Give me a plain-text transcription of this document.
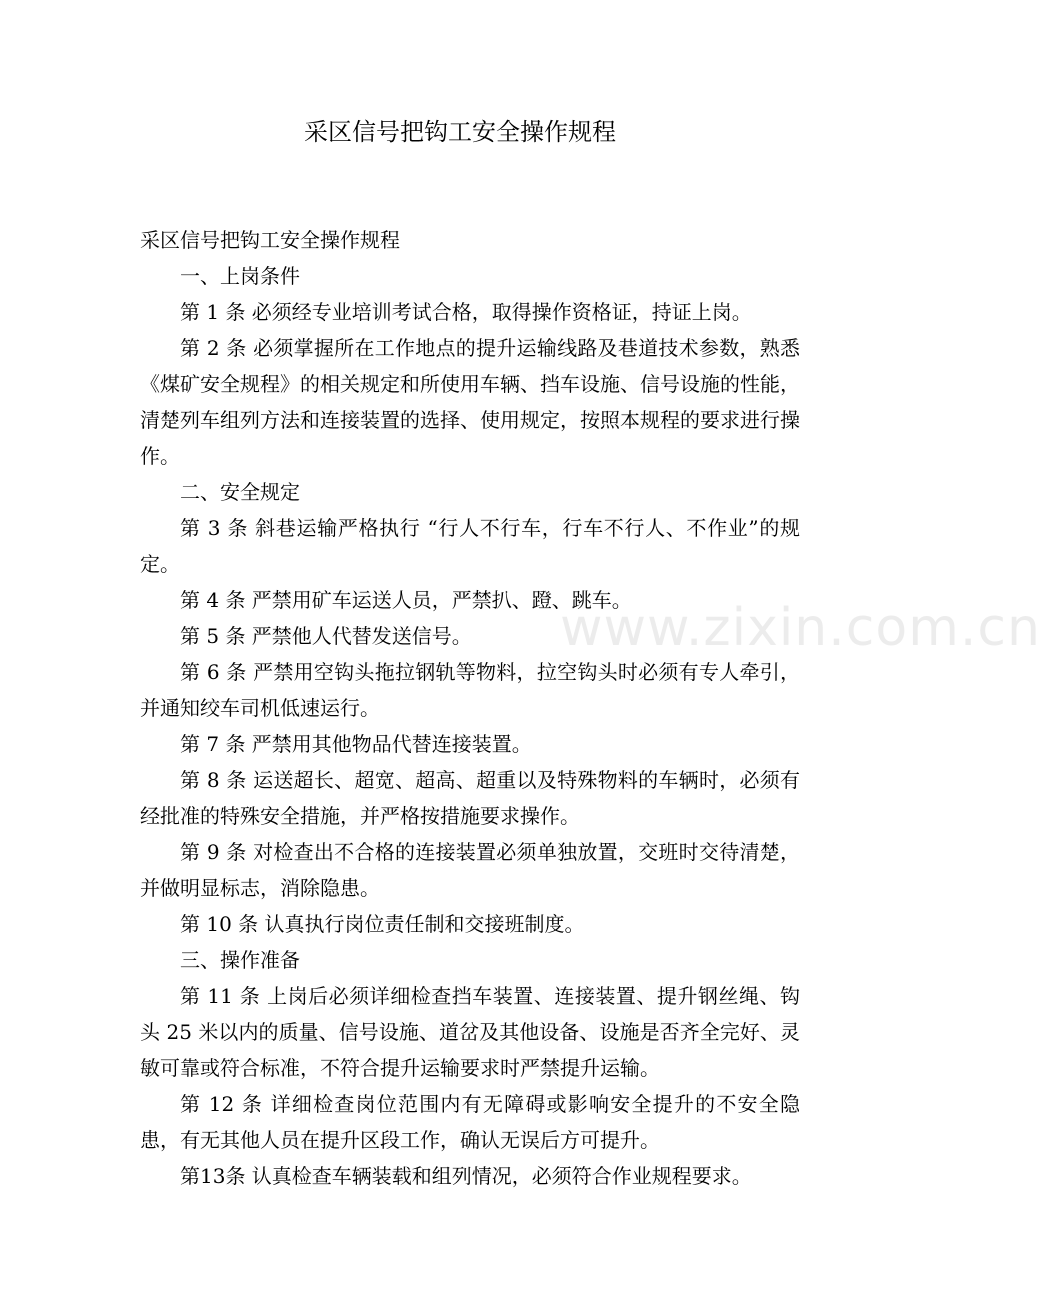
采区信号把钩工安全操作规程

采区信号把钩工安全操作规程

一、上岗条件

第 1 条 必须经专业培训考试合格，取得操作资格证，持证上岗。

第 2 条 必须掌握所在工作地点的提升运输线路及巷道技术参数，熟悉《煤矿安全规程》的相关规定和所使用车辆、挡车设施、信号设施的性能，清楚列车组列方法和连接装置的选择、使用规定，按照本规程的要求进行操作。

二、安全规定

第 3 条 斜巷运输严格执行 “行人不行车，行车不行人、不作业”的规定。

第 4 条 严禁用矿车运送人员，严禁扒、蹬、跳车。

第 5 条 严禁他人代替发送信号。

第 6 条 严禁用空钩头拖拉钢轨等物料，拉空钩头时必须有专人牵引，并通知绞车司机低速运行。

第 7 条 严禁用其他物品代替连接装置。

第 8 条 运送超长、超宽、超高、超重以及特殊物料的车辆时，必须有经批准的特殊安全措施，并严格按措施要求操作。

第 9 条 对检查出不合格的连接装置必须单独放置，交班时交待清楚，并做明显标志，消除隐患。

第 10 条 认真执行岗位责任制和交接班制度。

三、操作准备

第 11 条 上岗后必须详细检查挡车装置、连接装置、提升钢丝绳、钩头 25 米以内的质量、信号设施、道岔及其他设备、设施是否齐全完好、灵敏可靠或符合标准，不符合提升运输要求时严禁提升运输。

第 12 条 详细检查岗位范围内有无障碍或影响安全提升的不安全隐患，有无其他人员在提升区段工作，确认无误后方可提升。

第13条 认真检查车辆装载和组列情况，必须符合作业规程要求。

www.zixin.com.cn
